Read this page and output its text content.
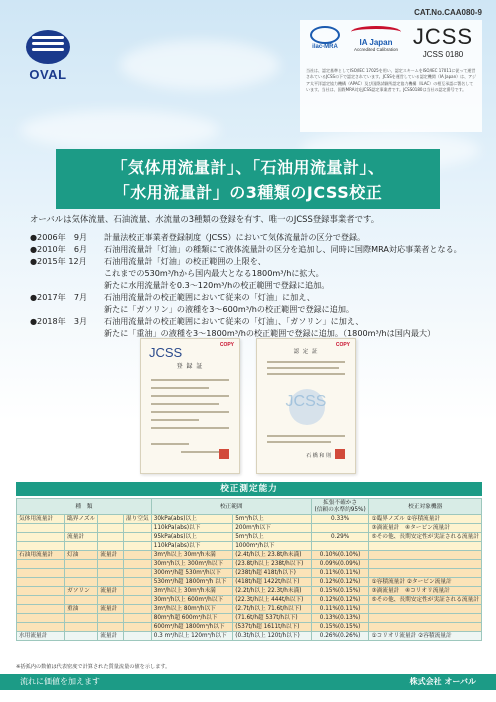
CAT.No.CAA080-9
OVAL
ilac-MRA	IA Japan
Accredited Calibration
JCSS
JCSS 0180
当社は、認定基準としてISO/IEC 17025を用い、認定スキームをISO/IEC 17011に従って運営されているJCSSの下で認定されています。JCSSを運営している認定機関（IA Japan）は、アジア太平洋認定協力機構（APAC）及び国際試験所認定協力機構（ILAC）の相互承認に署名しています。当社は、国際MRA対応JCSS認定事業者です。JCSS0180は当社の認定番号です。
「気体用流量計」、「石油用流量計」、
「水用流量計」の3種類のJCSS校正
オーバルは気体流量、石油流量、水流量の3種類の登録を有す、唯一のJCSS登録事業者です。
●2006年　9月	計量法校正事業者登録制度（JCSS）において気体流量計の区分で登録。
●2010年　6月	石油用流量計「灯油」の種類にて液体流量計の区分を追加し、同時に国際MRA対応事業者となる。
●2015年 12月	石油用流量計「灯油」の校正範囲の上限を、
これまでの530m³/hから国内最大となる1800m³/hに拡大。
新たに水用流量計を0.3～120m³/hの校正範囲で登録に追加。
●2017年　7月	石油用流量計の校正範囲において従来の「灯油」に加え、
新たに「ガソリン」の液種を3～600m³/hの校正範囲で登録に追加。
●2018年　3月	石油用流量計の校正範囲において従来の「灯油」、「ガソリン」に加え、
新たに「重油」の液種を3～1800m³/hの校正範囲で登録に追加。（1800m³/hは国内最大）
COPY
JCSS
登 録 証
COPY
認 定 証
JCSS
石 橋 和 則
校正測定能力
種　類				校正範囲		拡張不確かさ
(信頼の水準約95%)	校正対象機器
気体用流量計	臨界ノズル		湿り空気	30kPa(abs)以上	5m³/h以上	0.33%	①臨界ノズル ②容積流量計
				110kPa(abs)以下	200m³/h以下		③渦流量計　④タービン流量計
	流量計			95kPa(abs)以上	5m³/h以上	0.29%	⑤その他、長期安定性が実証される流量計
				110kPa(abs)以下	1000m³/h以下		
石油用流量計	灯油	流量計		3m³/h以上 30m³/h未満	(2.4t/h以上 23.8t/h未満)	0.10%(0.10%)	
				30m³/h以上 300m³/h以下	(23.8t/h以上 238t/h以下)	0.09%(0.09%)	
				300m³/h超 530m³/h以下	(238t/h超 418t/h以下)	0.11%(0.11%)	
				530m³/h超 1800m³/h 以下	(418t/h超 1422t/h以下)	0.12%(0.12%)	①容積流量計 ②タービン流量計
	ガソリン	流量計		3m³/h以上 30m³/h未満	(2.2t/h以上 22.3t/h未満)	0.15%(0.15%)	③渦流量計　④コリオリ流量計
				30m³/h以上 600m³/h以下	(22.3t/h以上 444t/h以下)	0.12%(0.12%)	⑤その他、長期安定性が実証される流量計
	重油	流量計		3m³/h以上 80m³/h以下	(2.7t/h以上 71.6t/h以下)	0.11%(0.11%)	
				80m³/h超 600m³/h以下	(71.6t/h超 537t/h以下)	0.13%(0.13%)	
				600m³/h超 1800m³/h以下	(537t/h超 1611t/h以下)	0.15%(0.15%)	
水用流量計		流量計		0.3 m³/h以上 120m³/h以下	(0.3t/h以上 120t/h以下)	0.26%(0.26%)	①コリオリ流量計 ②容積流量計
※括弧内の数値は代表密度で計算された質量流量の値を示します。
流れに価値を加えます	株式会社 オーバル
